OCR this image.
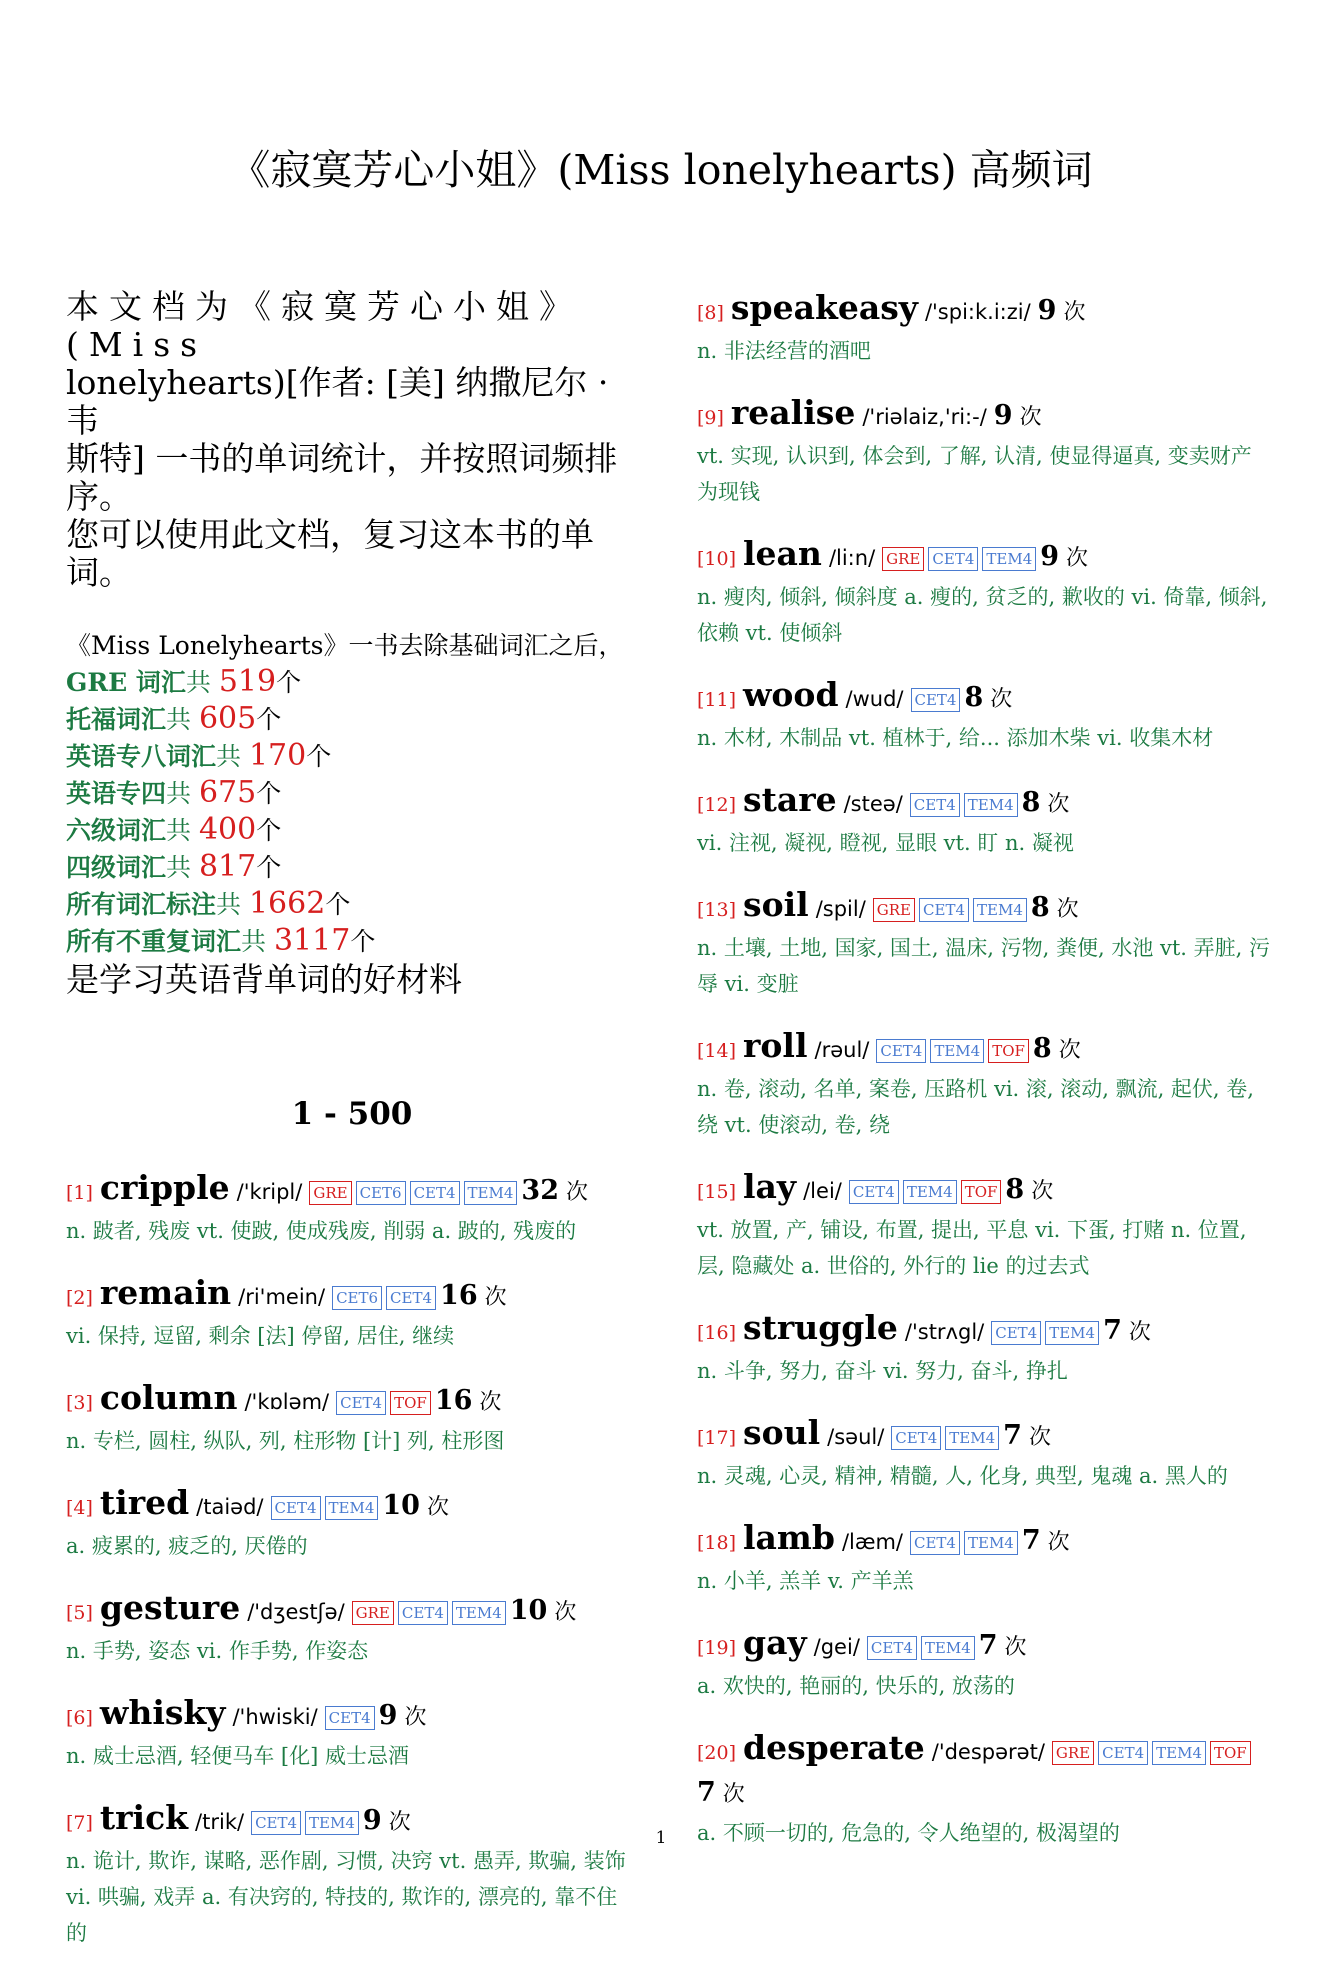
《寂寞芳心小姐》(Miss lonelyhearts) 高频词
本文档为《寂寞芳心小姐》(Miss
lonelyhearts)[作者: [美] 纳撒尼尔 · 韦
斯特] 一书的单词统计，并按照词频排
序。
您可以使用此文档，复习这本书的单
词。
《Miss Lonelyhearts》一书去除基础词汇之后，
GRE 词汇共 519个
托福词汇共 605个
英语专八词汇共 170个
英语专四共 675个
六级词汇共 400个
四级词汇共 817个
所有词汇标注共 1662个
所有不重复词汇共 3117个
是学习英语背单词的好材料
1 - 500
[1] cripple /'kripl/ GRE CET6 CET4 TEM4 32 次
n. 跛者, 残废 vt. 使跛, 使成残废, 削弱 a. 跛的, 残废的
[2] remain /ri'mein/ CET6 CET4 16 次
vi. 保持, 逗留, 剩余 [法] 停留, 居住, 继续
[3] column /'kɒləm/ CET4 TOF 16 次
n. 专栏, 圆柱, 纵队, 列, 柱形物 [计] 列, 柱形图
[4] tired /taiəd/ CET4 TEM4 10 次
a. 疲累的, 疲乏的, 厌倦的
[5] gesture /'dʒestʃə/ GRE CET4 TEM4 10 次
n. 手势, 姿态 vi. 作手势, 作姿态
[6] whisky /'hwiski/ CET4 9 次
n. 威士忌酒, 轻便马车 [化] 威士忌酒
[7] trick /trik/ CET4 TEM4 9 次
n. 诡计, 欺诈, 谋略, 恶作剧, 习惯, 决窍 vt. 愚弄, 欺骗, 装饰 vi. 哄骗, 戏弄 a. 有决窍的, 特技的, 欺诈的, 漂亮的, 靠不住的
[8] speakeasy /'spi:k.i:zi/ 9 次
n. 非法经营的酒吧
[9] realise /'riəlaiz,'ri:-/ 9 次
vt. 实现, 认识到, 体会到, 了解, 认清, 使显得逼真, 变卖财产为现钱
[10] lean /li:n/ GRE CET4 TEM4 9 次
n. 瘦肉, 倾斜, 倾斜度 a. 瘦的, 贫乏的, 歉收的 vi. 倚靠, 倾斜, 依赖 vt. 使倾斜
[11] wood /wud/ CET4 8 次
n. 木材, 木制品 vt. 植林于, 给... 添加木柴 vi. 收集木材
[12] stare /steə/ CET4 TEM4 8 次
vi. 注视, 凝视, 瞪视, 显眼 vt. 盯 n. 凝视
[13] soil /spil/ GRE CET4 TEM4 8 次
n. 土壤, 土地, 国家, 国土, 温床, 污物, 粪便, 水池 vt. 弄脏, 污辱 vi. 变脏
[14] roll /rəul/ CET4 TEM4 TOF 8 次
n. 卷, 滚动, 名单, 案卷, 压路机 vi. 滚, 滚动, 飘流, 起伏, 卷, 绕 vt. 使滚动, 卷, 绕
[15] lay /lei/ CET4 TEM4 TOF 8 次
vt. 放置, 产, 铺设, 布置, 提出, 平息 vi. 下蛋, 打赌 n. 位置, 层, 隐藏处 a. 世俗的, 外行的 lie 的过去式
[16] struggle /'strʌgl/ CET4 TEM4 7 次
n. 斗争, 努力, 奋斗 vi. 努力, 奋斗, 挣扎
[17] soul /səul/ CET4 TEM4 7 次
n. 灵魂, 心灵, 精神, 精髓, 人, 化身, 典型, 鬼魂 a. 黑人的
[18] lamb /læm/ CET4 TEM4 7 次
n. 小羊, 羔羊 v. 产羊羔
[19] gay /gei/ CET4 TEM4 7 次
a. 欢快的, 艳丽的, 快乐的, 放荡的
[20] desperate /'despərət/ GRE CET4 TEM4 TOF7 次
a. 不顾一切的, 危急的, 令人绝望的, 极渴望的
1
